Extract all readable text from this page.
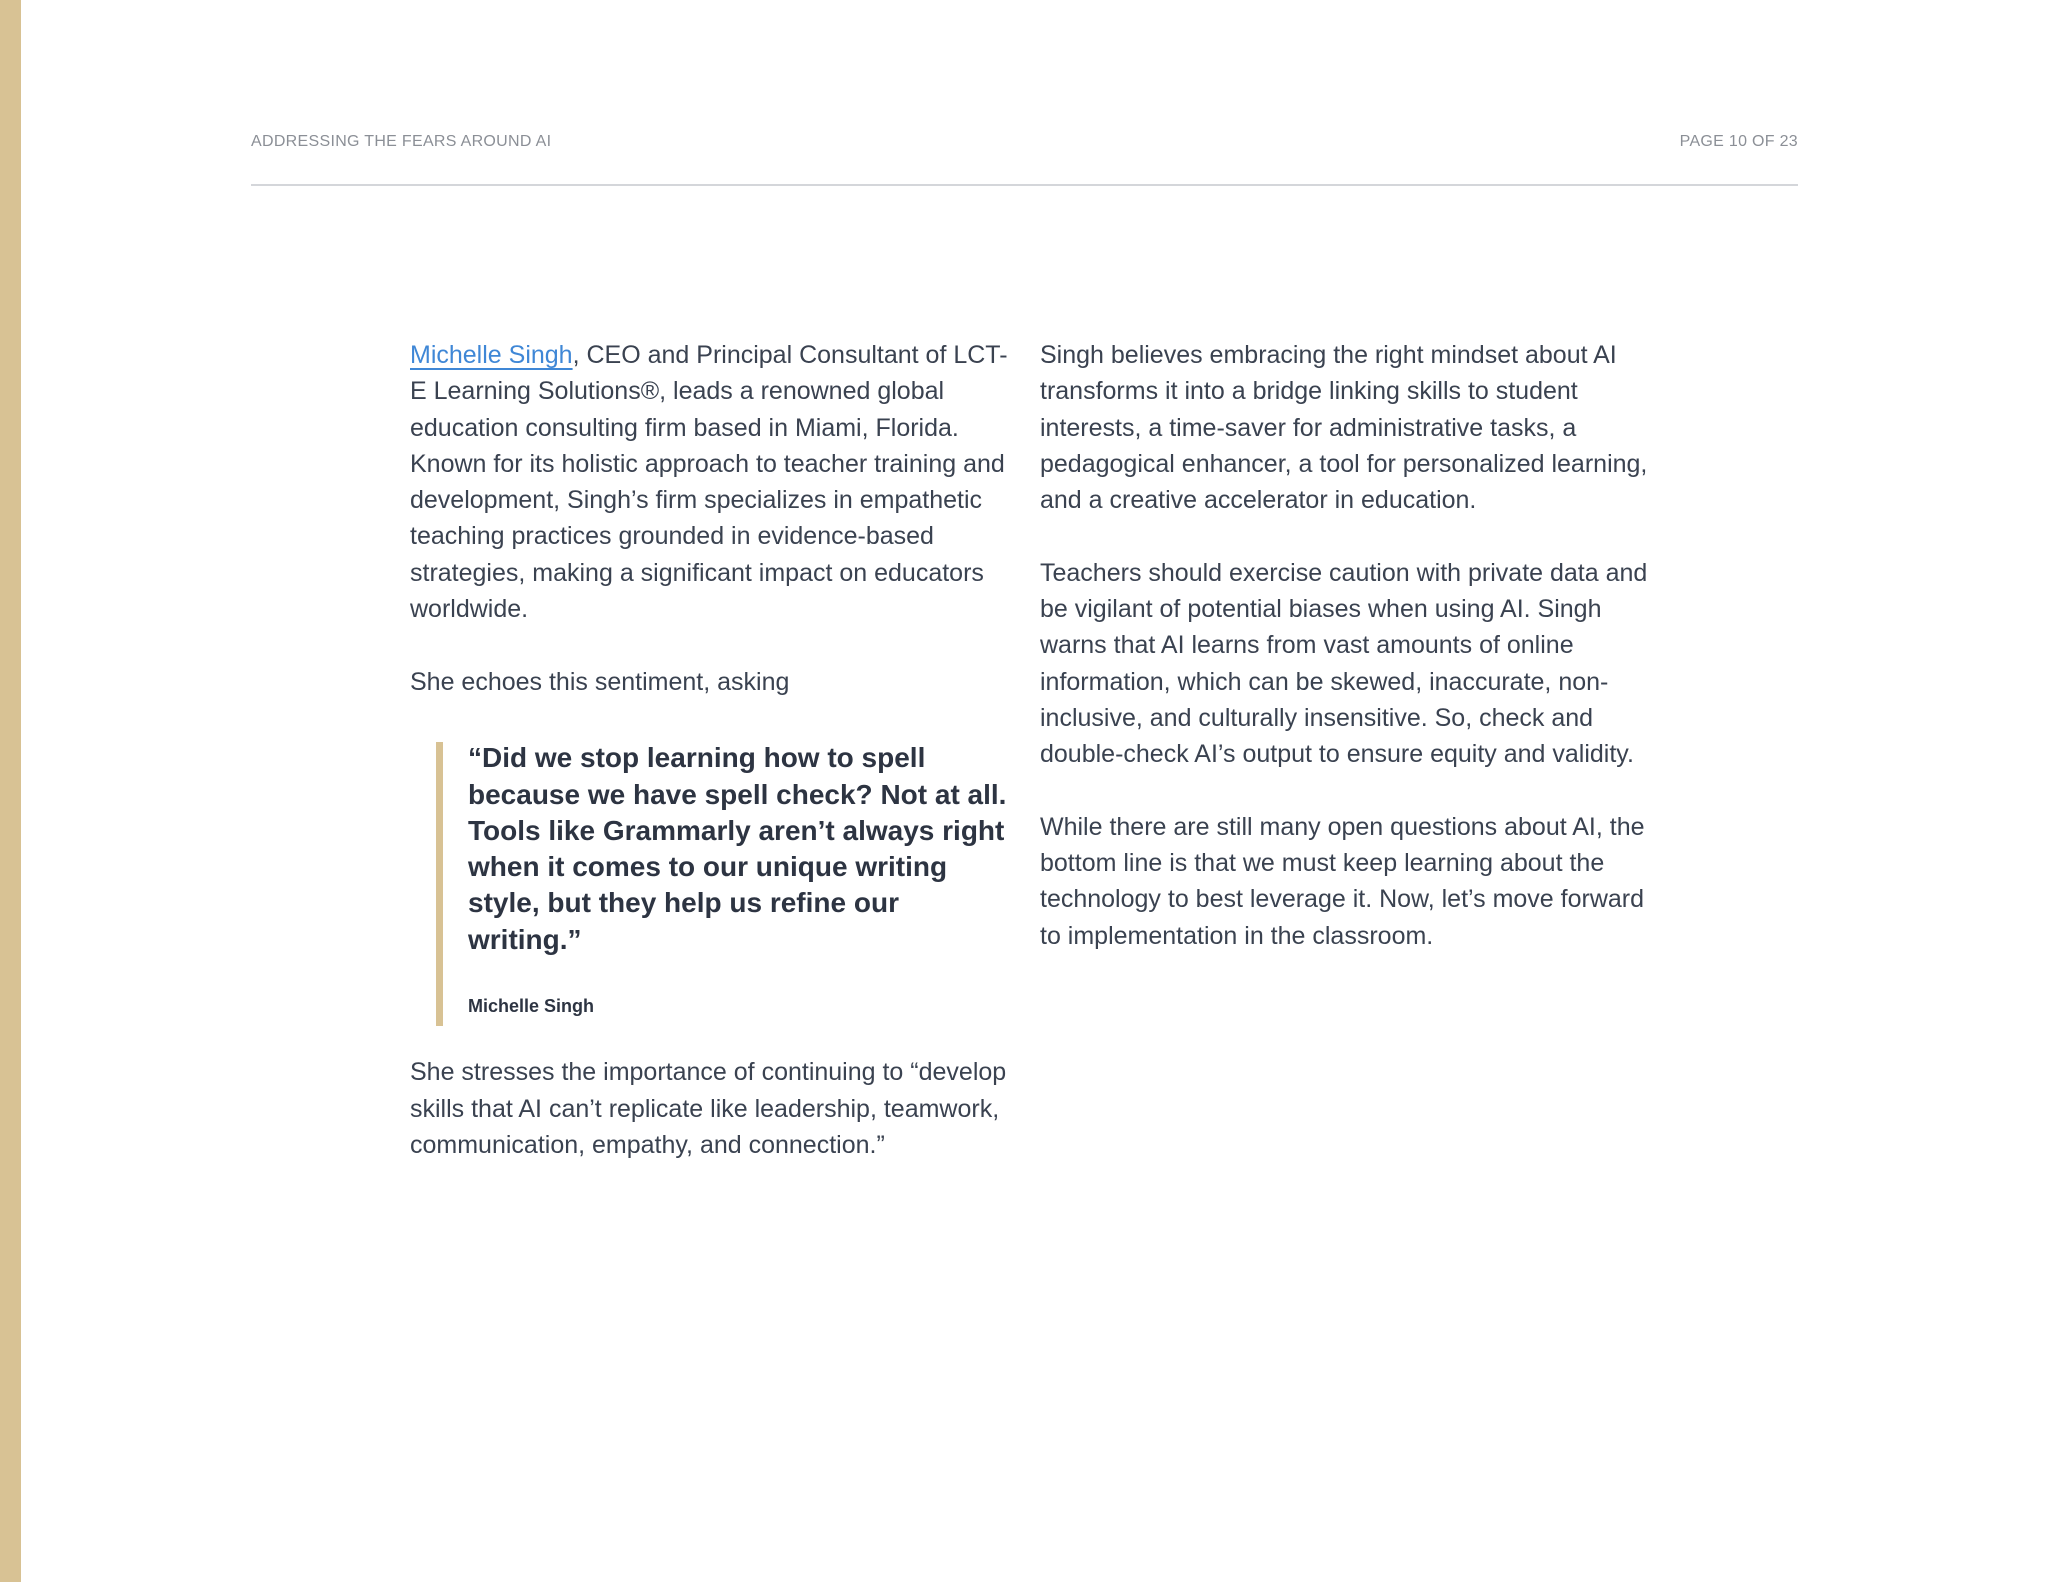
ADDRESSING THE FEARS AROUND AI	PAGE 10 OF 23

Michelle Singh, CEO and Principal Consultant of LCT-E Learning Solutions®, leads a renowned global education consulting firm based in Miami, Florida. Known for its holistic approach to teacher training and development, Singh’s firm specializes in empathetic teaching practices grounded in evidence-based strategies, making a significant impact on educators worldwide.

She echoes this sentiment, asking

“Did we stop learning how to spell because we have spell check? Not at all. Tools like Grammarly aren’t always right when it comes to our unique writing style, but they help us refine our writing.”

Michelle Singh

She stresses the importance of continuing to “develop skills that AI can’t replicate like leadership, teamwork, communication, empathy, and connection.”

Singh believes embracing the right mindset about AI transforms it into a bridge linking skills to student interests, a time-saver for administrative tasks, a pedagogical enhancer, a tool for personalized learning, and a creative accelerator in education.

Teachers should exercise caution with private data and be vigilant of potential biases when using AI. Singh warns that AI learns from vast amounts of online information, which can be skewed, inaccurate, non-inclusive, and culturally insensitive. So, check and double-check AI’s output to ensure equity and validity.

While there are still many open questions about AI, the bottom line is that we must keep learning about the technology to best leverage it. Now, let’s move forward to implementation in the classroom.
